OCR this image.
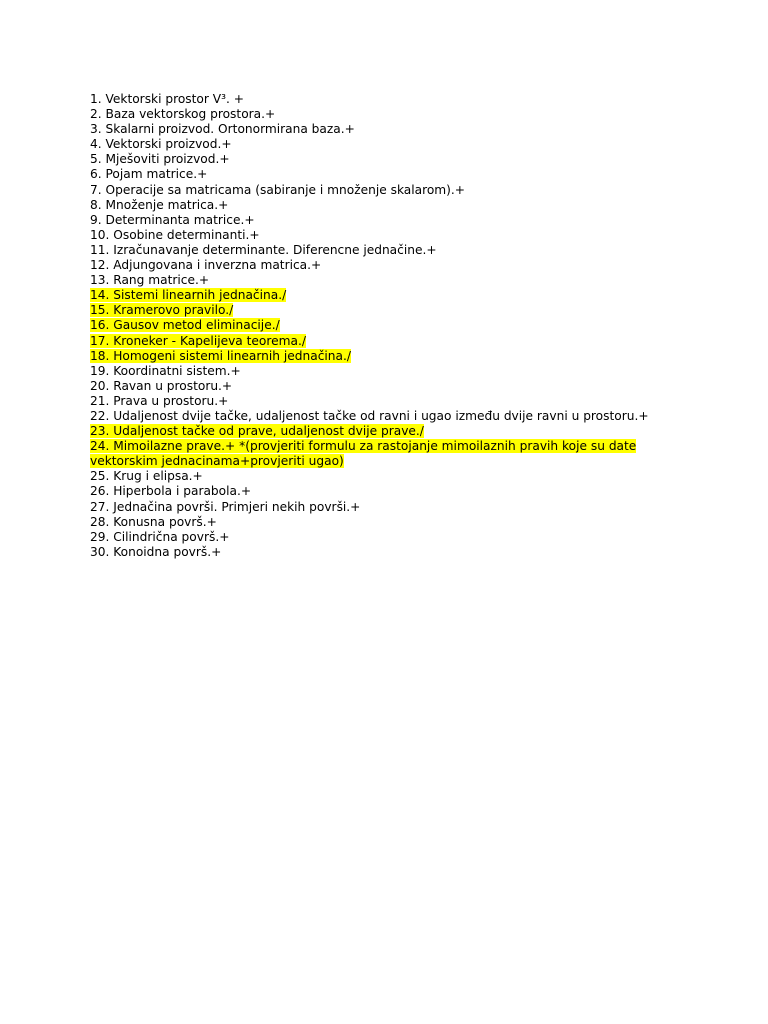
1. Vektorski prostor V³. +
2. Baza vektorskog prostora.+
3. Skalarni proizvod. Ortonormirana baza.+
4. Vektorski proizvod.+
5. Mješoviti proizvod.+
6. Pojam matrice.+
7. Operacije sa matricama (sabiranje i množenje skalarom).+
8. Množenje matrica.+
9. Determinanta matrice.+
10. Osobine determinanti.+
11. Izračunavanje determinante. Diferencne jednačine.+
12. Adjungovana i inverzna matrica.+
13. Rang matrice.+
14. Sistemi linearnih jednačina./
15. Kramerovo pravilo./
16. Gausov metod eliminacije./
17. Kroneker - Kapelijeva teorema./
18. Homogeni sistemi linearnih jednačina./
19. Koordinatni sistem.+
20. Ravan u prostoru.+
21. Prava u prostoru.+
22. Udaljenost dvije tačke, udaljenost tačke od ravni i ugao između dvije ravni u prostoru.+
23. Udaljenost tačke od prave, udaljenost dvije prave./
24. Mimoilazne prave.+ *(provjeriti formulu za rastojanje mimoilaznih pravih koje su date
vektorskim jednacinama+provjeriti ugao)
25. Krug i elipsa.+
26. Hiperbola i parabola.+
27. Jednačina površi. Primjeri nekih površi.+
28. Konusna površ.+
29. Cilindrična površ.+
30. Konoidna površ.+
